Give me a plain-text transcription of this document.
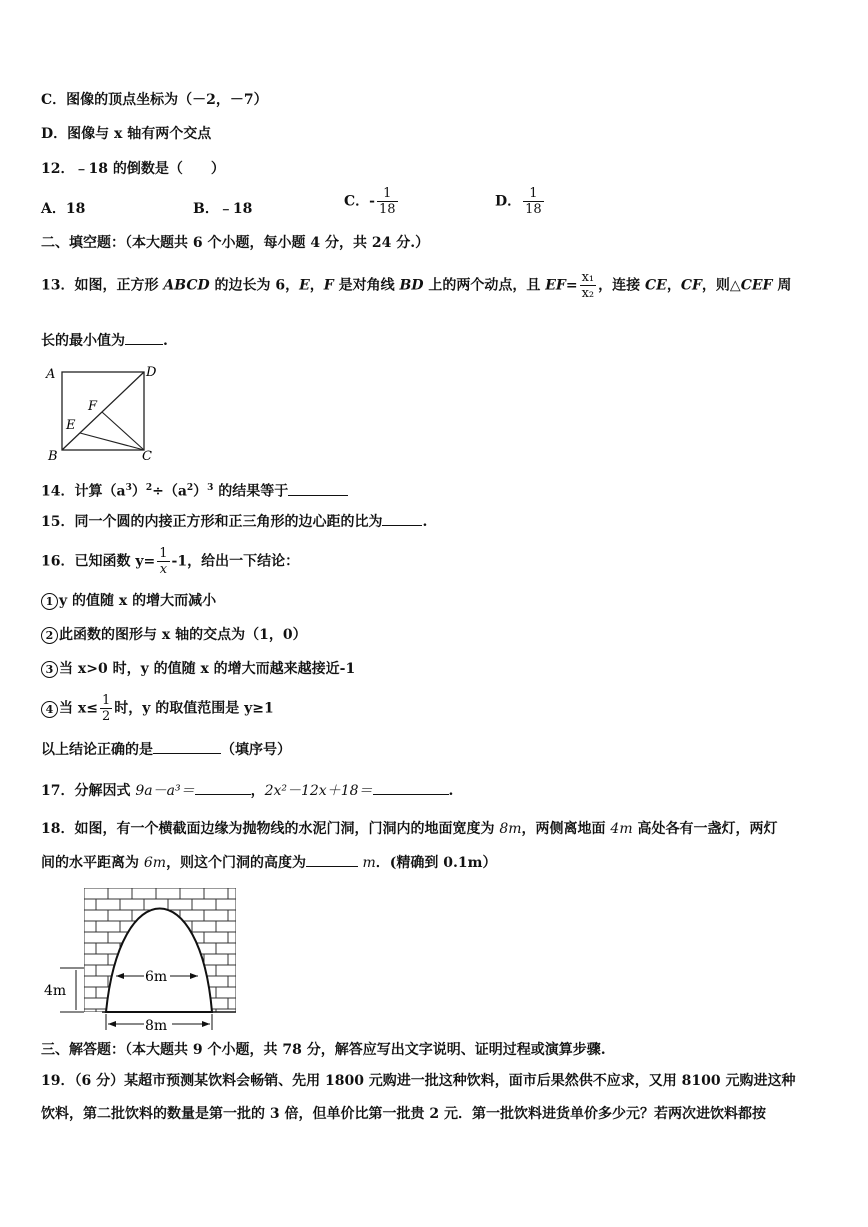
C．图像的顶点坐标为（－2，－7）
D．图像与 x 轴有两个交点
12．﹣18 的倒数是（　　）
A．18	B．﹣18	C．- $\frac{1}{18}$	D． $\frac{1}{18}$
二、填空题：（本大题共 6 个小题，每小题 4 分，共 24 分.）
13．如图，正方形 ABCD 的边长为 6，E，F 是对角线 BD 上的两个动点，且 $EF= \frac{\text{x₁}}{\text{x₂}}$ ，连接 CE，CF，则△CEF 周
长的最小值为	.
A	D
B	C
F
E
14．计算$(a^3)^2\div(a^2)^3$ 的结果等于
15．同一个圆的内接正方形和正三角形的边心距的比为	.
16．已知函数 $y= \frac{1}{x} -1$，给出一下结论：
1 y 的值随 x 的增大而减小
2 此函数的图形与 x 轴的交点为（1，0）
3 当 x>0 时，y 的值随 x 的增大而越来越接近-1
4 当 $x\le \frac{1}{2}$ 时，y 的取值范围是 y≥1
以上结论正确的是	（填序号）
17．分解因式 9a－a³＝	，2x²－12x＋18＝	.
18．如图，有一个横截面边缘为抛物线的水泥门洞，门洞内的地面宽度为 8m，两侧离地面 4m 高处各有一盏灯，两灯
间的水平距离为 6m，则这个门洞的高度为	m．(精确到 0.1m）
4m
6m
8m
三、解答题：（本大题共 9 个小题，共 78 分，解答应写出文字说明、证明过程或演算步骤.
19．（6 分）某超市预测某饮料会畅销、先用 1800 元购进一批这种饮料，面市后果然供不应求，又用 8100 元购进这种
饮料，第二批饮料的数量是第一批的 3 倍，但单价比第一批贵 2 元．第一批饮料进货单价多少元？若两次进饮料都按
